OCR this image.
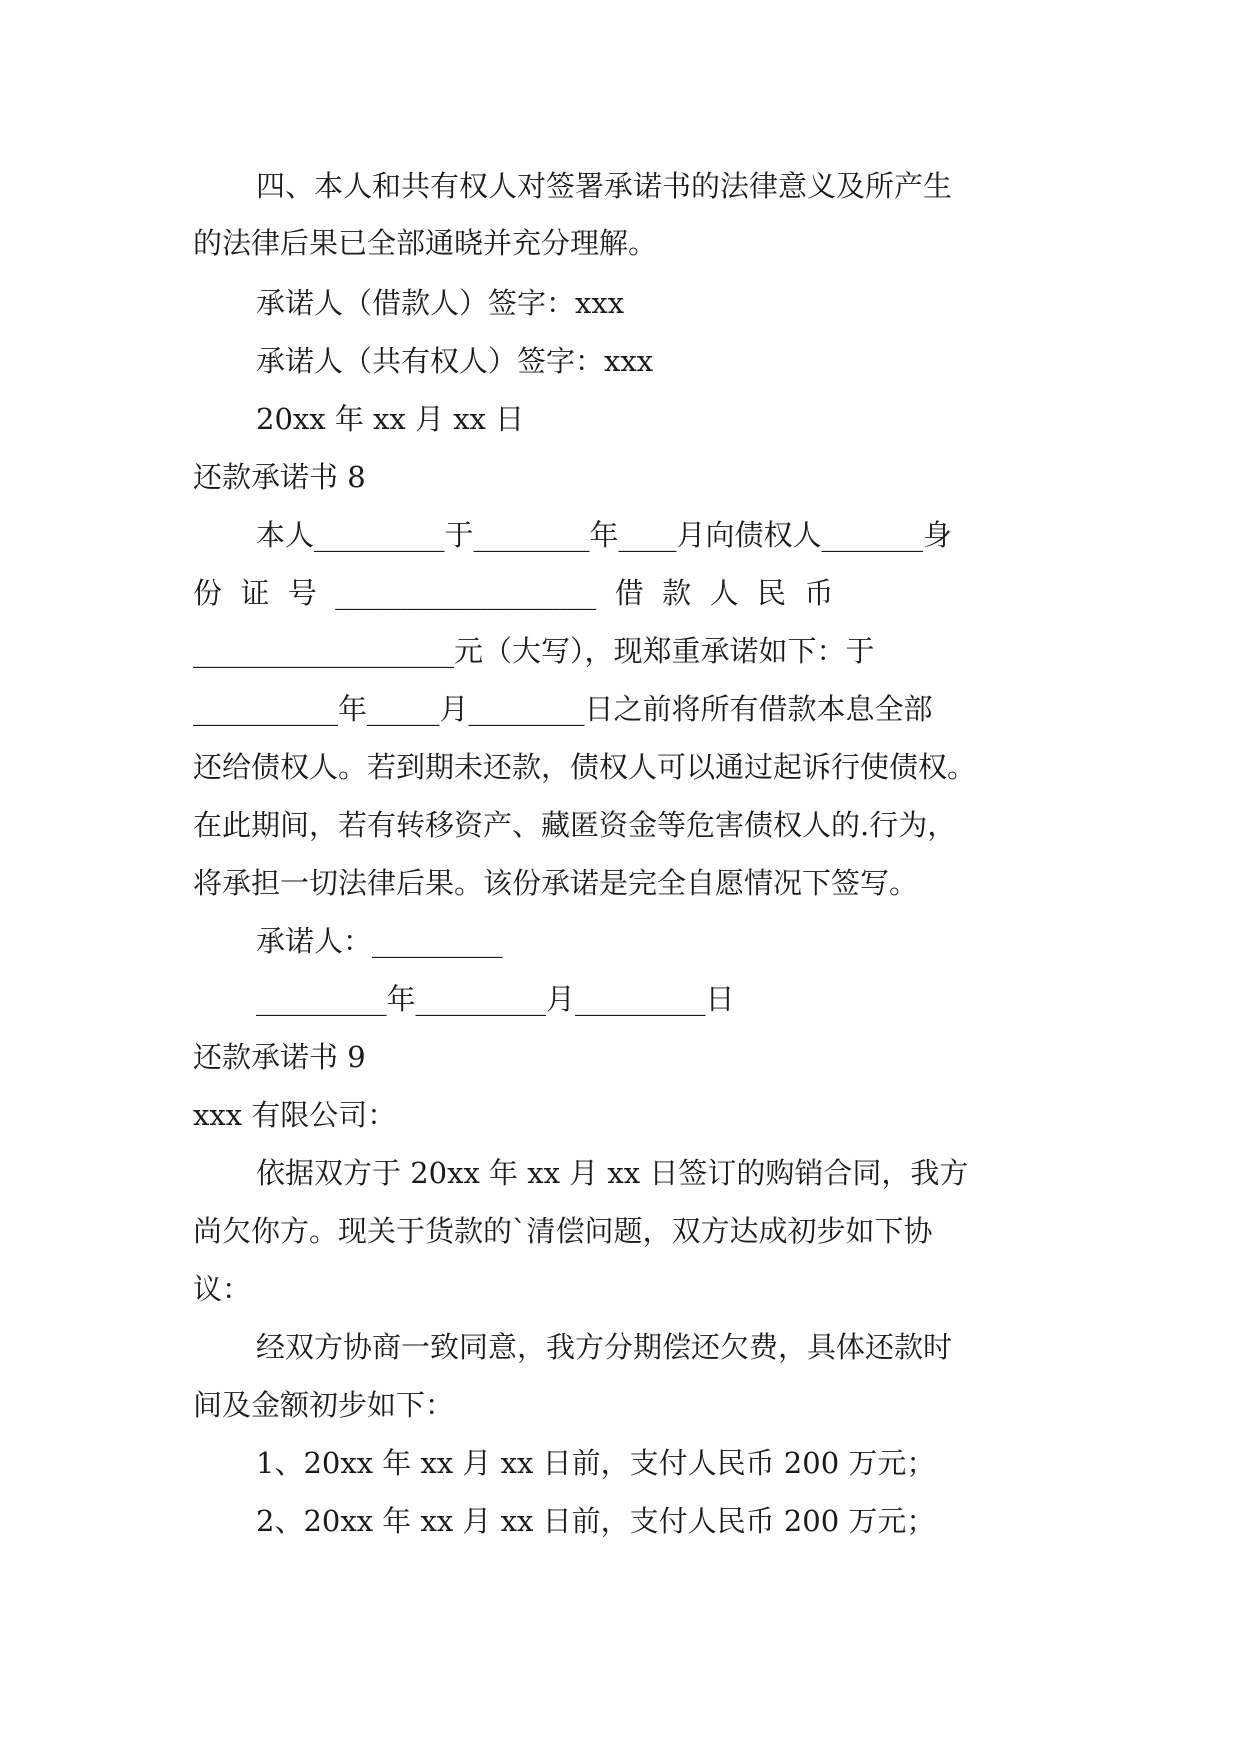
四、本人和共有权人对签署承诺书的法律意义及所产生
的法律后果已全部通晓并充分理解。
承诺人（借款人）签字：xxx
承诺人（共有权人）签字：xxx
20xx 年 xx 月 xx 日
还款承诺书 8
本人_________于________年____月向债权人_______身
份  证  号  __________________  借  款  人  民  币
__________________元（大写），现郑重承诺如下：于
__________年_____月________日之前将所有借款本息全部
还给债权人。若到期未还款，债权人可以通过起诉行使债权。
在此期间，若有转移资产、藏匿资金等危害债权人的.行为，
将承担一切法律后果。该份承诺是完全自愿情况下签写。
承诺人：_________
_________年_________月_________日
还款承诺书 9
xxx 有限公司：
依据双方于 20xx 年 xx 月 xx 日签订的购销合同，我方
尚欠你方。现关于货款的`清偿问题，双方达成初步如下协
议：
经双方协商一致同意，我方分期偿还欠费，具体还款时
间及金额初步如下：
1、20xx 年 xx 月 xx 日前，支付人民币 200 万元；
2、20xx 年 xx 月 xx 日前，支付人民币 200 万元；
